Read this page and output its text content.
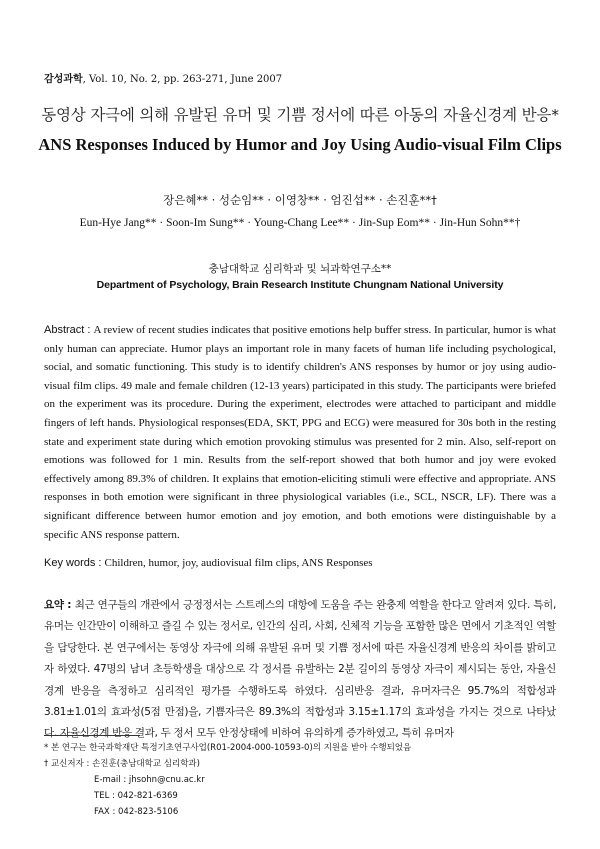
감성과학, Vol. 10, No. 2, pp. 263-271, June 2007
동영상 자극에 의해 유발된 유머 및 기쁨 정서에 따른 아동의 자율신경계 반응*
ANS Responses Induced by Humor and Joy Using Audio-visual Film Clips
장은혜** · 성순임** · 이영창** · 엄진섭** · 손진훈**†
Eun-Hye Jang** · Soon-Im Sung** · Young-Chang Lee** · Jin-Sup Eom** · Jin-Hun Sohn**†
충남대학교 심리학과 및 뇌과학연구소**
Department of Psychology, Brain Research Institute Chungnam National University
Abstract : A review of recent studies indicates that positive emotions help buffer stress. In particular, humor is what only human can appreciate. Humor plays an important role in many facets of human life including psychological, social, and somatic functioning. This study is to identify children's ANS responses by humor or joy using audio-visual film clips. 49 male and female children (12-13 years) participated in this study. The participants were briefed on the experiment was its procedure. During the experiment, electrodes were attached to participant and middle fingers of left hands. Physiological responses(EDA, SKT, PPG and ECG) were measured for 30s both in the resting state and experiment state during which emotion provoking stimulus was presented for 2 min. Also, self-report on emotions was followed for 1 min. Results from the self-report showed that both humor and joy were evoked effectively among 89.3% of children. It explains that emotion-eliciting stimuli were effective and appropriate. ANS responses in both emotion were significant in three physiological variables (i.e., SCL, NSCR, LF). There was a significant difference between humor emotion and joy emotion, and both emotions were distinguishable by a specific ANS response pattern.
Key words : Children, humor, joy, audiovisual film clips, ANS Responses
요약 : 최근 연구들의 개관에서 긍정정서는 스트레스의 대항에 도움을 주는 완충제 역할을 한다고 알려져 있다. 특히, 유머는 인간만이 이해하고 즐길 수 있는 정서로, 인간의 심리, 사회, 신체적 기능을 포함한 많은 면에서 기초적인 역할을 담당한다. 본 연구에서는 동영상 자극에 의해 유발된 유머 및 기쁨 정서에 따른 자율신경계 반응의 차이를 밝히고자 하였다. 47명의 남녀 초등학생을 대상으로 각 정서를 유발하는 2분 길이의 동영상 자극이 제시되는 동안, 자율신경계 반응을 측정하고 심리적인 평가를 수행하도록 하였다. 심리반응 결과, 유머자극은 95.7%의 적합성과 3.81±1.01의 효과성(5점 만점)을, 기쁨자극은 89.3%의 적합성과 3.15±1.17의 효과성을 가지는 것으로 나타났다. 자율신경계 반응 결과, 두 정서 모두 안정상태에 비하여 유의하게 증가하였고, 특히 유머자
* 본 연구는 한국과학재단 특정기초연구사업(R01-2004-000-10593-0)의 지원을 받아 수행되었음
† 교신저자 : 손진훈(충남대학교 심리학과)
E-mail : jhsohn@cnu.ac.kr
TEL : 042-821-6369
FAX : 042-823-5106
